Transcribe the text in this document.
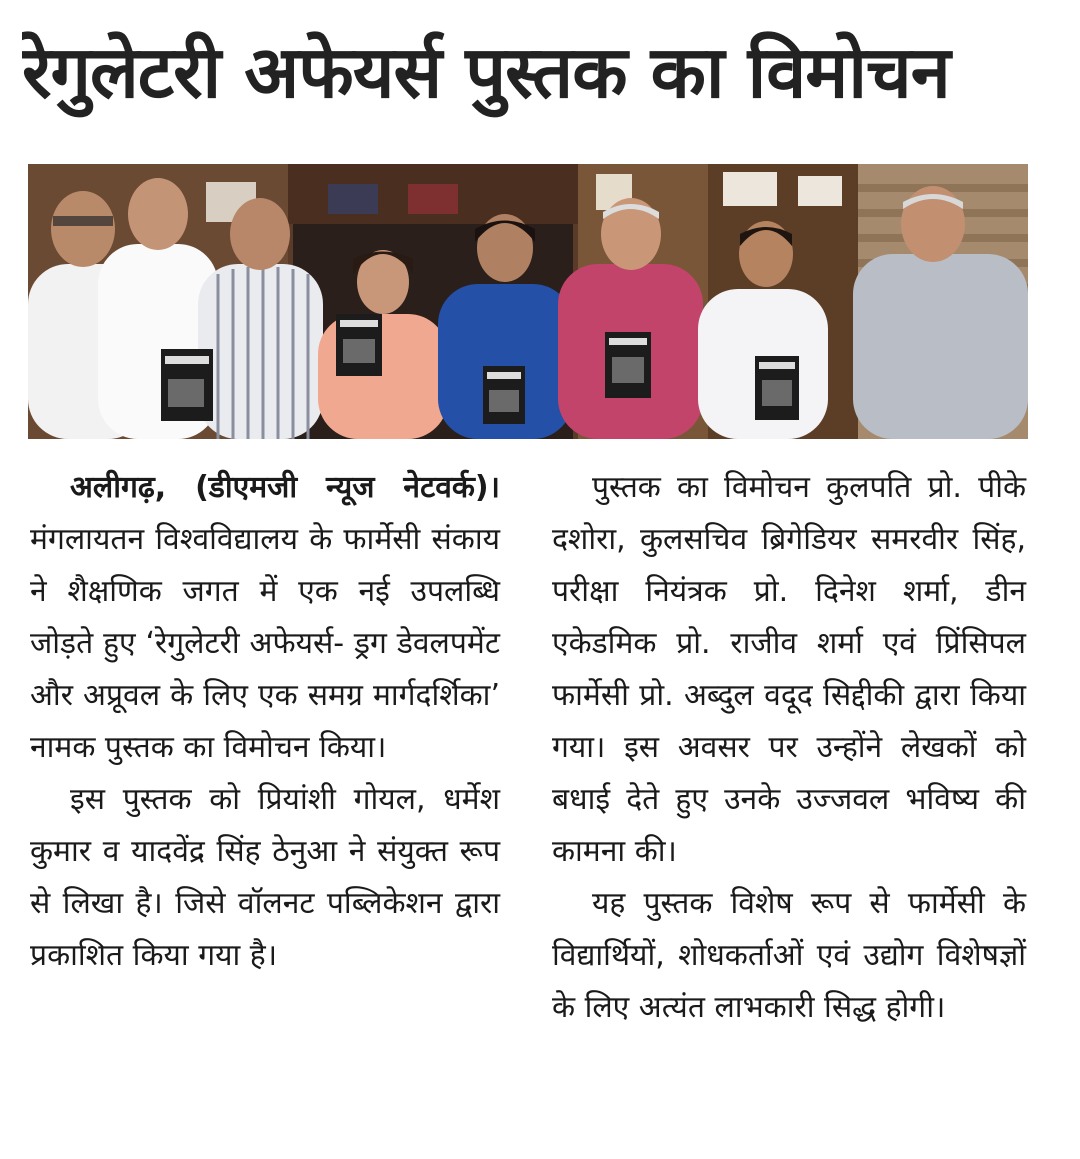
रेगुलेटरी अफेयर्स पुस्तक का विमोचन

अलीगढ़, (डीएमजी न्यूज नेटवर्क)। मंगलायतन विश्वविद्यालय के फार्मेसी संकाय ने शैक्षणिक जगत में एक नई उपलब्धि जोड़ते हुए ‘रेगुलेटरी अफेयर्स- ड्रग डेवलपमेंट और अप्रूवल के लिए एक समग्र मार्गदर्शिका’ नामक पुस्तक का विमोचन किया।

इस पुस्तक को प्रियांशी गोयल, धर्मेश कुमार व यादवेंद्र सिंह ठेनुआ ने संयुक्त रूप से लिखा है। जिसे वॉलनट पब्लिकेशन द्वारा प्रकाशित किया गया है।

पुस्तक का विमोचन कुलपति प्रो. पीके दशोरा, कुलसचिव ब्रिगेडियर समरवीर सिंह, परीक्षा नियंत्रक प्रो. दिनेश शर्मा, डीन एकेडमिक प्रो. राजीव शर्मा एवं प्रिंसिपल फार्मेसी प्रो. अब्दुल वदूद सिद्दीकी द्वारा किया गया। इस अवसर पर उन्होंने लेखकों को बधाई देते हुए उनके उज्जवल भविष्य की कामना की।

यह पुस्तक विशेष रूप से फार्मेसी के विद्यार्थियों, शोधकर्ताओं एवं उद्योग विशेषज्ञों के लिए अत्यंत लाभकारी सिद्ध होगी।
